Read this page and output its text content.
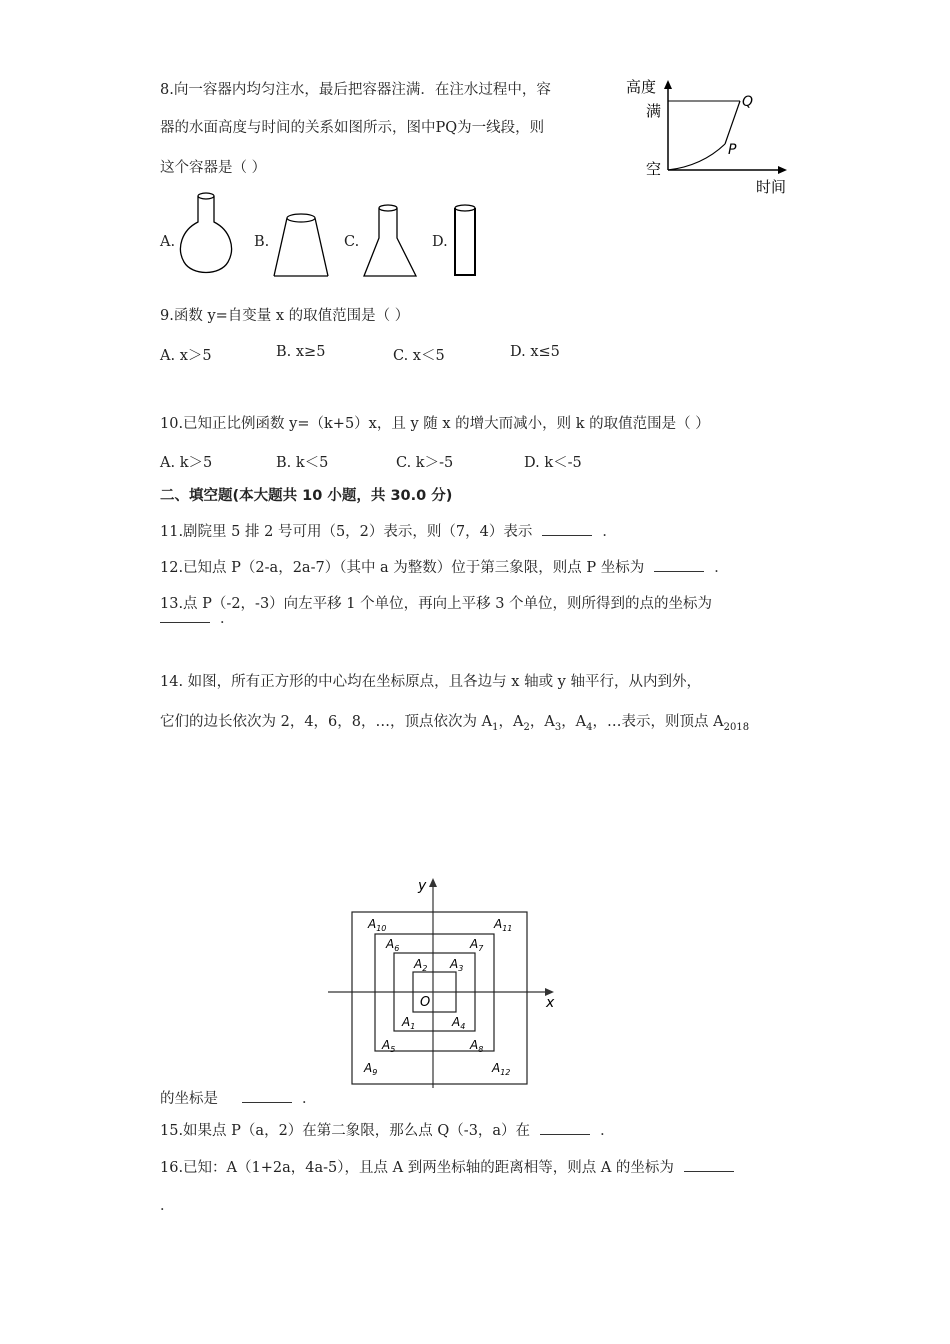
8.向一容器内均匀注水，最后把容器注满．在注水过程中，容
器的水面高度与时间的关系如图所示，图中PQ为一线段，则
这个容器是（ ）
高度
满
空
时间
Q
P
A.	B.	C.	D.
9.函数 y=自变量 x 的取值范围是（ ）
A. x＞5	B. x≥5	C. x＜5	D. x≤5
10.已知正比例函数 y=（k+5）x，且 y 随 x 的增大而减小，则 k 的取值范围是（ ）
A. k＞5	B. k＜5	C. k＞-5	D. k＜-5
二、填空题(本大题共 10 小题，共 30.0 分)
11.剧院里 5 排 2 号可用（5，2）表示，则（7，4）表示	．
12.已知点 P（2-a，2a-7）（其中 a 为整数）位于第三象限，则点 P 坐标为	．
13.点 P（-2，-3）向左平移 1 个单位，再向上平移 3 个单位，则所得到的点的坐标为
．
14. 如图，所有正方形的中心均在坐标原点，且各边与 x 轴或 y 轴平行，从内到外，
它们的边长依次为 2，4，6，8，…，顶点依次为 $A_1$，$A_2$，$A_3$，$A_4$，…表示，则顶点 $A_{2018}$
x
y
O
$A_1$
$A_2$ $A_3$
$A_4$
$A_5$
$A_6$	$A_7$
$A_8$
$A_9$
$A_{10}$	$A_{11}$
$A_{12}$
的坐标是	．
15.如果点 P（a，2）在第二象限，那么点 Q（-3，a）在	．
16.已知：A（1+2a，4a-5），且点 A 到两坐标轴的距离相等，则点 A 的坐标为
．
